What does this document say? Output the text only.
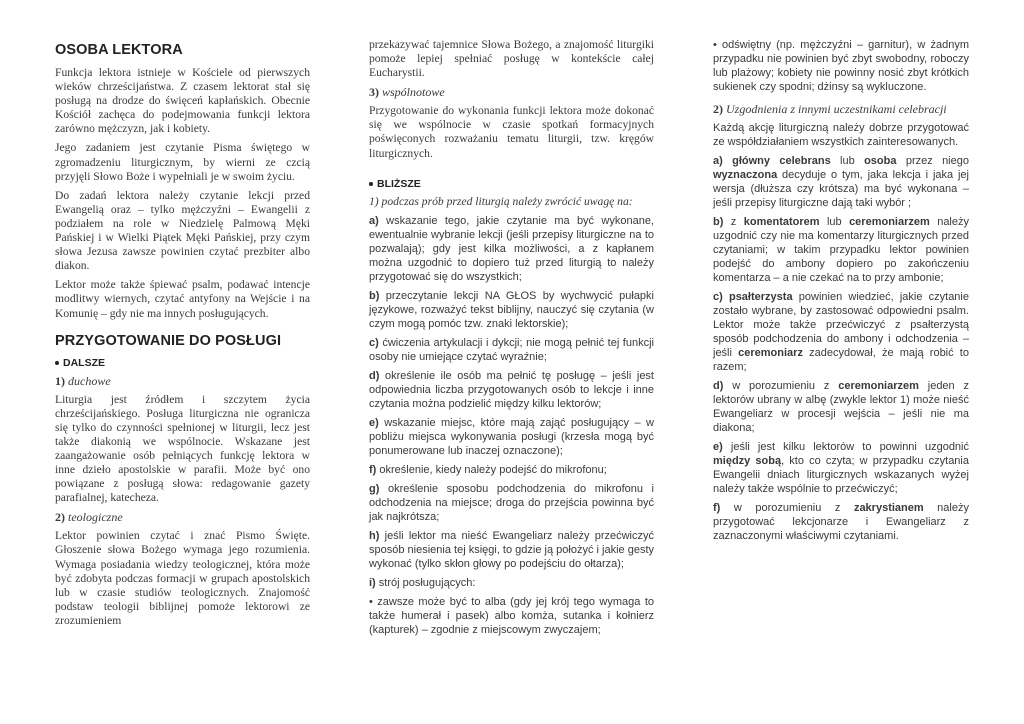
OSOBA LEKTORA

Funkcja lektora istnieje w Kościele od pierwszych wieków chrześcijaństwa. Z czasem lektorat stał się posługą na drodze do święceń kapłańskich. Obecnie Kościół zachęca do podejmowania funkcji lektora zarówno mężczyzn, jak i kobiety.

Jego zadaniem jest czytanie Pisma świętego w zgromadzeniu liturgicznym, by wierni ze czcią przyjęli Słowo Boże i wypełniali je w swoim życiu.

Do zadań lektora należy czytanie lekcji przed Ewangelią oraz – tylko mężczyźni – Ewangelii z podziałem na role w Niedzielę Palmową Męki Pańskiej i w Wielki Piątek Męki Pańskiej, przy czym słowa Jezusa zawsze powinien czytać prezbiter albo diakon.

Lektor może także śpiewać psalm, podawać intencje modlitwy wiernych, czytać antyfony na Wejście i na Komunię – gdy nie ma innych posługujących.

PRZYGOTOWANIE DO POSŁUGI
DALSZE
1) duchowe

Liturgia jest źródłem i szczytem życia chrześcijańskiego. Posługa liturgiczna nie ogranicza się tylko do czynności spełnionej w liturgii, lecz jest także diakonią we wspólnocie. Wskazane jest zaangażowanie osób pełniących funkcję lektora w inne dzieło apostolskie w parafii. Może być ono powiązane z posługą słowa: redagowanie gazety parafialnej, katecheza.

2) teologiczne

Lektor powinien czytać i znać Pismo Święte. Głoszenie słowa Bożego wymaga jego rozumienia. Wymaga posiadania wiedzy teologicznej, która może być zdobyta podczas formacji w grupach apostolskich lub w czasie studiów teologicznych. Znajomość podstaw teologii biblijnej pomoże lektorowi ze zrozumieniem

przekazywać tajemnice Słowa Bożego, a znajomość liturgiki pomoże lepiej spełniać posługę w kontekście całej Eucharystii.

3) wspólnotowe

Przygotowanie do wykonania funkcji lektora może dokonać się we wspólnocie w czasie spotkań formacyjnych poświęconych rozważaniu tematu liturgii, tzw. kręgów liturgicznych.

BLIŻSZE

1) podczas prób przed liturgią należy zwrócić uwagę na:

a) wskazanie tego, jakie czytanie ma być wykonane, ewentualnie wybranie lekcji (jeśli przepisy liturgiczne na to pozwalają); gdy jest kilka możliwości, a z kapłanem można uzgodnić to dopiero tuż przed liturgią to należy przygotować się do wszystkich;

b) przeczytanie lekcji NA GŁOS by wychwycić pułapki językowe, rozważyć tekst biblijny, nauczyć się czytania (w czym mogą pomóc tzw. znaki lektorskie);

c) ćwiczenia artykulacji i dykcji; nie mogą pełnić tej funkcji osoby nie umiejące czytać wyraźnie;

d) określenie ile osób ma pełnić tę posługę – jeśli jest odpowiednia liczba przygotowanych osób to lekcje i inne czytania można podzielić między kilku lektorów;

e) wskazanie miejsc, które mają zająć posługujący – w pobliżu miejsca wykonywania posługi (krzesła mogą być ponumerowane lub inaczej oznaczone);

f) określenie, kiedy należy podejść do mikrofonu;

g) określenie sposobu podchodzenia do mikrofonu i odchodzenia na miejsce; droga do przejścia powinna być jak najkrótsza;

h) jeśli lektor ma nieść Ewangeliarz należy przećwiczyć sposób niesienia tej księgi, to gdzie ją położyć i jakie gesty wykonać (tylko skłon głowy po podejściu do ołtarza);

i) strój posługujących:

• zawsze może być to alba (gdy jej krój tego wymaga to także humerał i pasek) albo komża, sutanka i kołnierz (kapturek) – zgodnie z miejscowym zwyczajem;

• odświętny (np. mężczyźni – garnitur), w żadnym przypadku nie powinien być zbyt swobodny, roboczy lub plażowy; kobiety nie powinny nosić zbyt krótkich sukienek czy spodni; dżinsy są wykluczone.

2) Uzgodnienia z innymi uczestnikami celebracji

Każdą akcję liturgiczną należy dobrze przygotować ze współdziałaniem wszystkich zainteresowanych.

a) główny celebrans lub osoba przez niego wyznaczona decyduje o tym, jaka lekcja i jaka jej wersja (dłuższa czy krótsza) ma być wykonana – jeśli przepisy liturgiczne dają taki wybór ;

b) z komentatorem lub ceremoniarzem należy uzgodnić czy nie ma komentarzy liturgicznych przed czytaniami; w takim przypadku lektor powinien podejść do ambony dopiero po zakończeniu komentarza – a nie czekać na to przy ambonie;

c) psałterzysta powinien wiedzieć, jakie czytanie zostało wybrane, by zastosować odpowiedni psalm. Lektor może także przećwiczyć z psałterzystą sposób podchodzenia do ambony i odchodzenia – jeśli ceremoniarz zadecydował, że mają robić to razem;

d) w porozumieniu z ceremoniarzem jeden z lektorów ubrany w albę (zwykle lektor 1) może nieść Ewangeliarz w procesji wejścia – jeśli nie ma diakona;

e) jeśli jest kilku lektorów to powinni uzgodnić między sobą, kto co czyta; w przypadku czytania Ewangelii dniach liturgicznych wskazanych wyżej należy także wspólnie to przećwiczyć;

f) w porozumieniu z zakrystianem należy przygotować lekcjonarze i Ewangeliarz z zaznaczonymi właściwymi czytaniami.
